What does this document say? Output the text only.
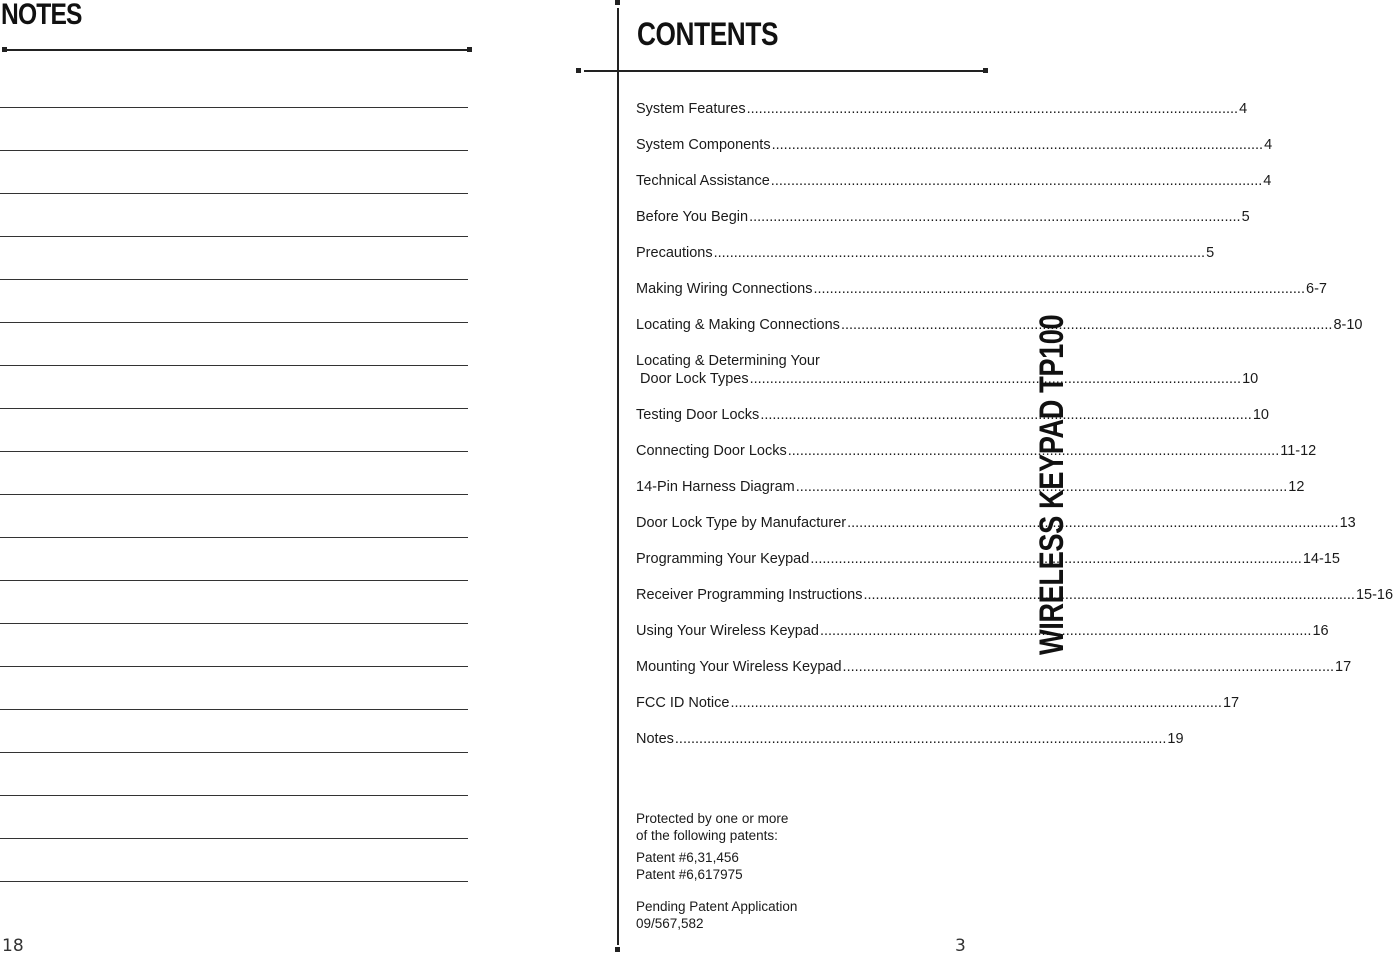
NOTES

18

CONTENTS
System Features .....	4
System Components .....	4
Technical Assistance .....	4
Before You Begin .....	5
Precautions .....	5
Making Wiring Connections .....	6-7
Locating & Making Connections .....	8-10
Locating & Determining Your
Door Lock Types .....	10
Testing Door Locks .....	10
Connecting Door Locks .....	11-12
14-Pin Harness Diagram .....	12
Door Lock Type by Manufacturer .....	13
Programming Your Keypad .....	14-15
Receiver Programming Instructions .....	15-16
Using Your Wireless Keypad .....	16
Mounting Your Wireless Keypad .....	17
FCC ID Notice .....	17
Notes .....	19

Protected by one or more

of the following patents:

Patent #6,31,456

Patent #6,617975

Pending Patent Application

09/567,582

3

WIRELESS KEYPAD TP100
